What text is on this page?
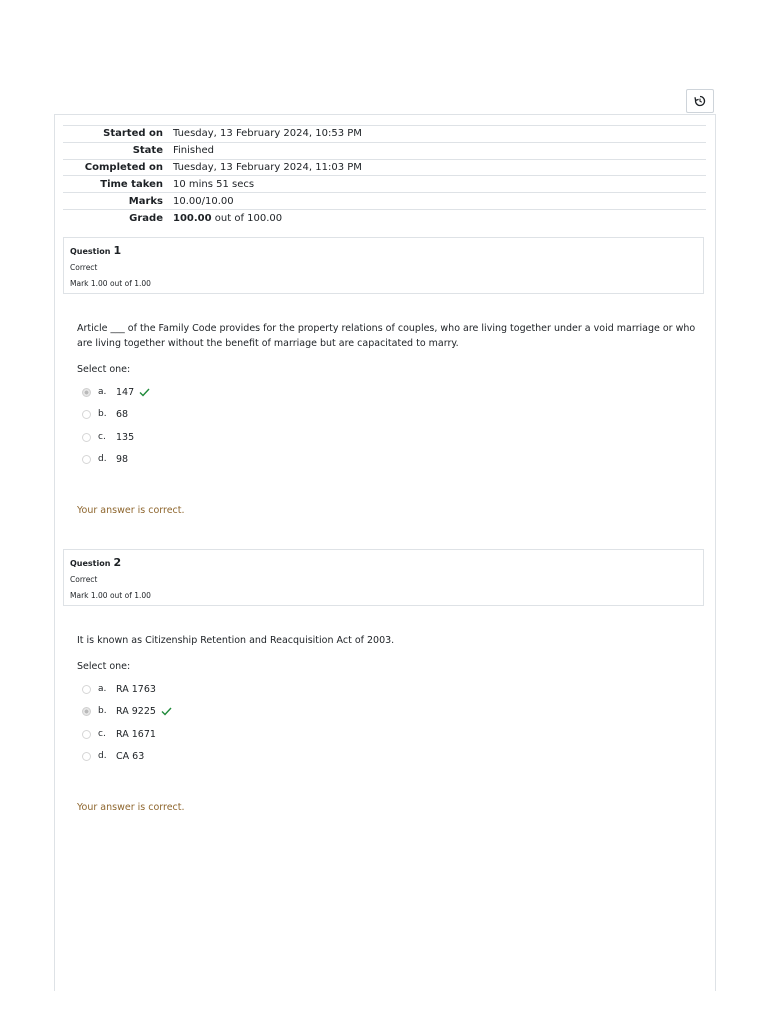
Started on	Tuesday, 13 February 2024, 10:53 PM
State	Finished
Completed on	Tuesday, 13 February 2024, 11:03 PM
Time taken	10 mins 51 secs
Marks	10.00/10.00
Grade	100.00 out of 100.00
Question 1
Correct
Mark 1.00 out of 1.00
Article ___ of the Family Code provides for the property relations of couples, who are living together under a void marriage or who are living together without the benefit of marriage but are capacitated to marry.
Select one:
a.	147
b. 68
c.	135
d. 98
Your answer is correct.
Question 2
Correct
Mark 1.00 out of 1.00
It is known as Citizenship Retention and Reacquisition Act of 2003.
Select one:
a.	RA 1763
b. RA 9225
c.	RA 1671
d. CA 63
Your answer is correct.
